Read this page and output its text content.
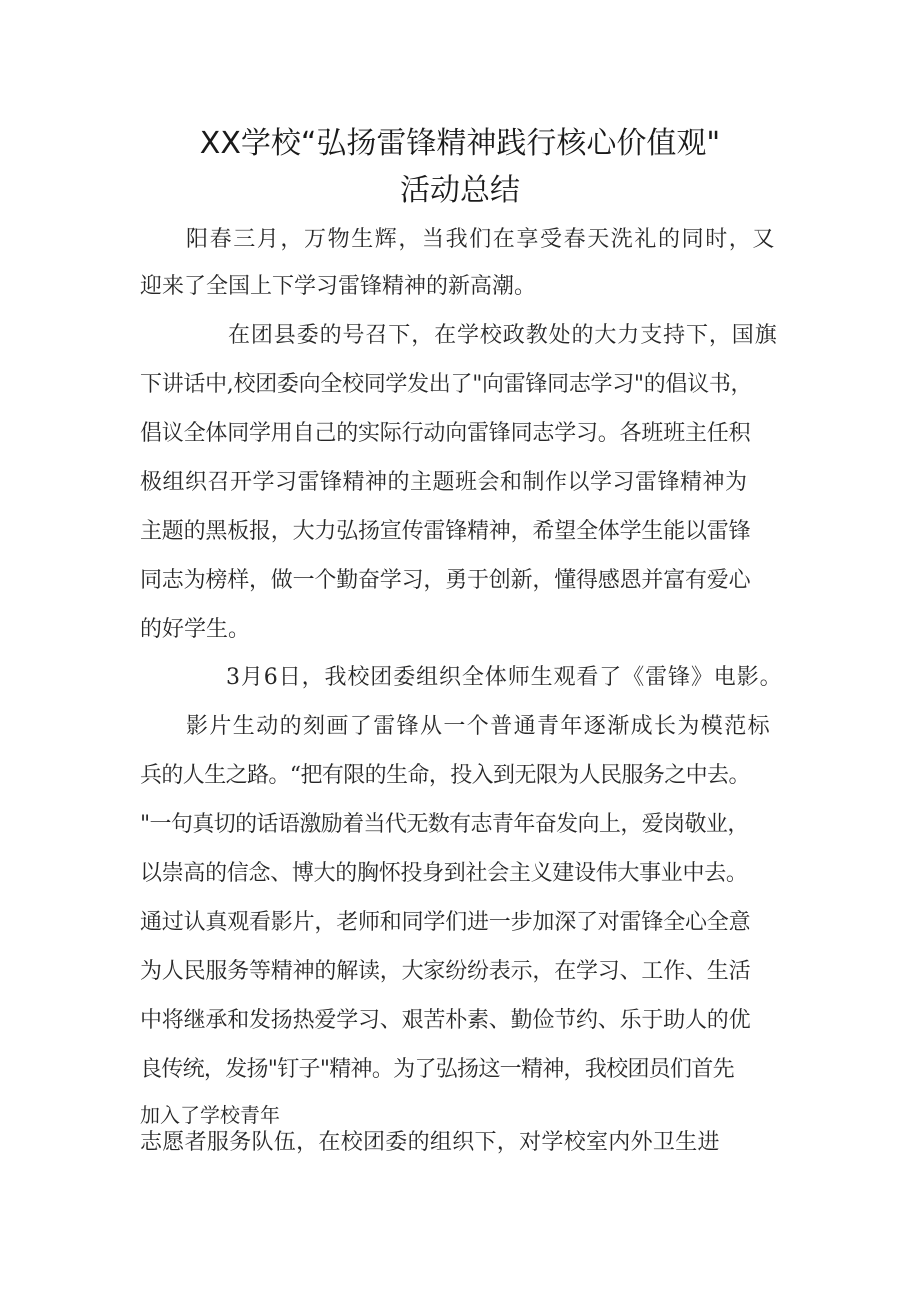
XX学校“弘扬雷锋精神践行核心价值观"
活动总结
阳春三月，万物生辉，当我们在享受春天洗礼的同时，又
迎来了全国上下学习雷锋精神的新高潮。
在团县委的号召下，在学校政教处的大力支持下，国旗
下讲话中,校团委向全校同学发出了"向雷锋同志学习"的倡议书，
倡议全体同学用自己的实际行动向雷锋同志学习。各班班主任积
极组织召开学习雷锋精神的主题班会和制作以学习雷锋精神为
主题的黑板报，大力弘扬宣传雷锋精神，希望全体学生能以雷锋
同志为榜样，做一个勤奋学习，勇于创新，懂得感恩并富有爱心
的好学生。
3月6日，我校团委组织全体师生观看了《雷锋》电影。
影片生动的刻画了雷锋从一个普通青年逐渐成长为模范标
兵的人生之路。“把有限的生命，投入到无限为人民服务之中去。
"一句真切的话语激励着当代无数有志青年奋发向上，爱岗敬业，
以崇高的信念、博大的胸怀投身到社会主义建设伟大事业中去。
通过认真观看影片，老师和同学们进一步加深了对雷锋全心全意
为人民服务等精神的解读，大家纷纷表示，在学习、工作、生活
中将继承和发扬热爱学习、艰苦朴素、勤俭节约、乐于助人的优
良传统，发扬"钉子"精神。为了弘扬这一精神，我校团员们首先
加入了学校青年
志愿者服务队伍，在校团委的组织下，对学校室内外卫生进
